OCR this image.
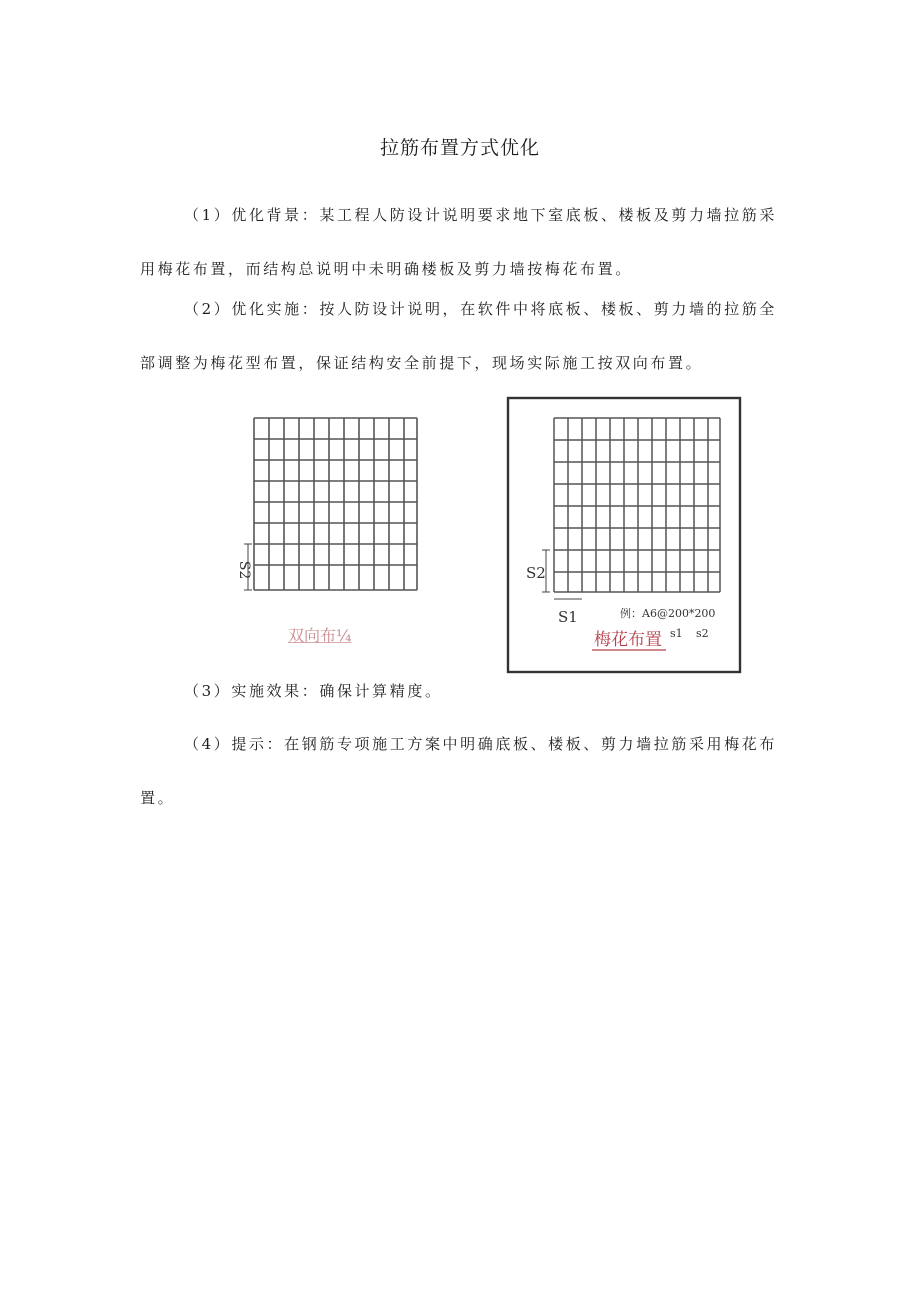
拉筋布置方式优化

（1）优化背景：某工程人防设计说明要求地下室底板、楼板及剪力墙拉筋采用梅花布置，而结构总说明中未明确楼板及剪力墙按梅花布置。

（2）优化实施：按人防设计说明，在软件中将底板、楼板、剪力墙的拉筋全部调整为梅花型布置，保证结构安全前提下，现场实际施工按双向布置。

S2
双向布¼
S2
S1	例：A6@200*200
s1 s2
梅花布置

（3）实施效果：确保计算精度。

（4）提示：在钢筋专项施工方案中明确底板、楼板、剪力墙拉筋采用梅花布置。
